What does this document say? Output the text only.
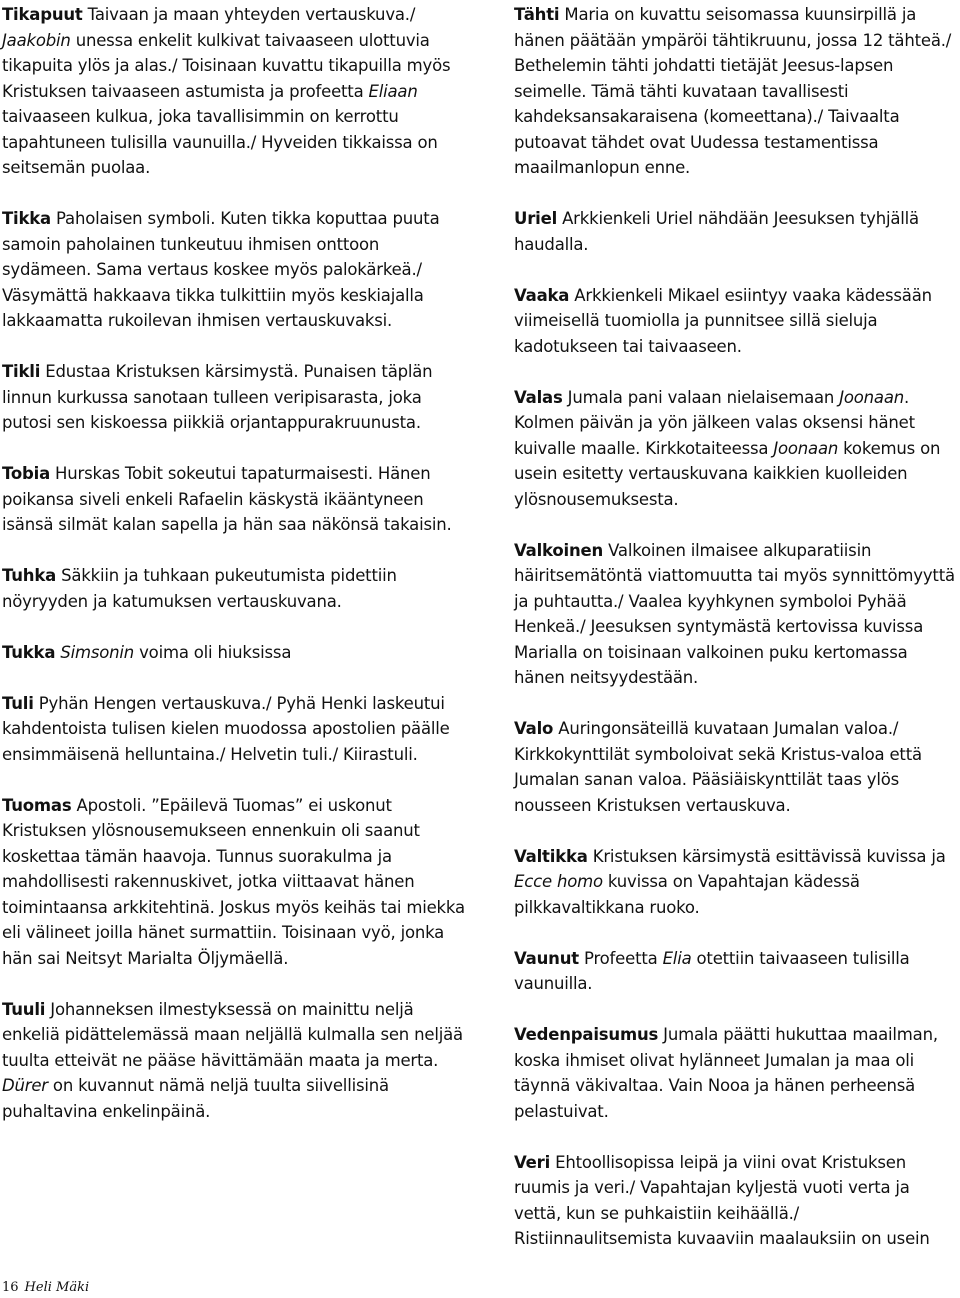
Tikapuut Taivaan ja maan yhteyden vertauskuva./ Jaakobin unessa enkelit kulkivat taivaaseen ulottuvia tikapuita ylös ja alas./ Toisinaan kuvattu tikapuilla myös Kristuksen taivaaseen astumista ja profeetta Eliaan taivaaseen kulkua, joka tavallisimmin on kerrottu tapahtuneen tulisilla vaunuilla./ Hyveiden tikkaissa on seitsemän puolaa.

Tikka Paholaisen symboli. Kuten tikka koputtaa puuta samoin paholainen tunkeutuu ihmisen onttoon sydämeen. Sama vertaus koskee myös palokärkeä./ Väsymättä hakkaava tikka tulkittiin myös keskiajalla lakkaamatta rukoilevan ihmisen vertauskuvaksi.

Tikli Edustaa Kristuksen kärsimystä. Punaisen täplän linnun kurkussa sanotaan tulleen veripisarasta, joka putosi sen kiskoessa piikkiä orjantappurakruunusta.

Tobia Hurskas Tobit sokeutui tapaturmaisesti. Hänen poikansa siveli enkeli Rafaelin käskystä ikääntyneen isänsä silmät kalan sapella ja hän saa näkönsä takaisin.

Tuhka Säkkiin ja tuhkaan pukeutumista pidettiin nöyryyden ja katumuksen vertauskuvana.

Tukka Simsonin voima oli hiuksissa

Tuli Pyhän Hengen vertauskuva./ Pyhä Henki laskeutui kahdentoista tulisen kielen muodossa apostolien päälle ensimmäisenä helluntaina./ Helvetin tuli./ Kiirastuli.

Tuomas Apostoli. ”Epäilevä Tuomas” ei uskonut Kristuksen ylösnousemukseen ennenkuin oli saanut koskettaa tämän haavoja. Tunnus suorakulma ja mahdollisesti rakennuskivet, jotka viittaavat hänen toimintaansa arkkitehtinä. Joskus myös keihäs tai miekka eli välineet joilla hänet surmattiin. Toisinaan vyö, jonka hän sai Neitsyt Marialta Öljymäellä.

Tuuli Johanneksen ilmestyksessä on mainittu neljä enkeliä pidättelemässä maan neljällä kulmalla sen neljää tuulta etteivät ne pääse hävittämään maata ja merta. Dürer on kuvannut nämä neljä tuulta siivellisinä puhaltavina enkelinpäinä.

Tähti Maria on kuvattu seisomassa kuunsirpillä ja hänen päätään ympäröi tähtikruunu, jossa 12 tähteä./ Bethelemin tähti johdatti tietäjät Jeesus-lapsen seimelle. Tämä tähti kuvataan tavallisesti kahdeksansakaraisena (komeettana)./ Taivaalta putoavat tähdet ovat Uudessa testamentissa maailmanlopun enne.

Uriel Arkkienkeli Uriel nähdään Jeesuksen tyhjällä haudalla.

Vaaka Arkkienkeli Mikael esiintyy vaaka kädessään viimeisellä tuomiolla ja punnitsee sillä sieluja kadotukseen tai taivaaseen.

Valas Jumala pani valaan nielaisemaan Joonaan. Kolmen päivän ja yön jälkeen valas oksensi hänet kuivalle maalle. Kirkkotaiteessa Joonaan kokemus on usein esitetty vertauskuvana kaikkien kuolleiden ylösnousemuksesta.

Valkoinen Valkoinen ilmaisee alkuparatiisin häiritsemätöntä viattomuutta tai myös synnittömyyttä ja puhtautta./ Vaalea kyyhkynen symboloi Pyhää Henkeä./ Jeesuksen syntymästä kertovissa kuvissa Marialla on toisinaan valkoinen puku kertomassa hänen neitsyydestään.

Valo Auringonsäteillä kuvataan Jumalan valoa./ Kirkkokynttilät symboloivat sekä Kristus-valoa että Jumalan sanan valoa. Pääsiäiskynttilät taas ylös nousseen Kristuksen vertauskuva.

Valtikka Kristuksen kärsimystä esittävissä kuvissa ja Ecce homo kuvissa on Vapahtajan kädessä pilkkavaltikkana ruoko.

Vaunut Profeetta Elia otettiin taivaaseen tulisilla vaunuilla.

Vedenpaisumus Jumala päätti hukuttaa maailman, koska ihmiset olivat hylänneet Jumalan ja maa oli täynnä väkivaltaa. Vain Nooa ja hänen perheensä pelastuivat.

Veri Ehtoollisopissa leipä ja viini ovat Kristuksen ruumis ja veri./ Vapahtajan kyljestä vuoti verta ja vettä, kun se puhkaistiin keihäällä./ Ristiinnaulitsemista kuvaaviin maalauksiin on usein

16 Heli Mäki
